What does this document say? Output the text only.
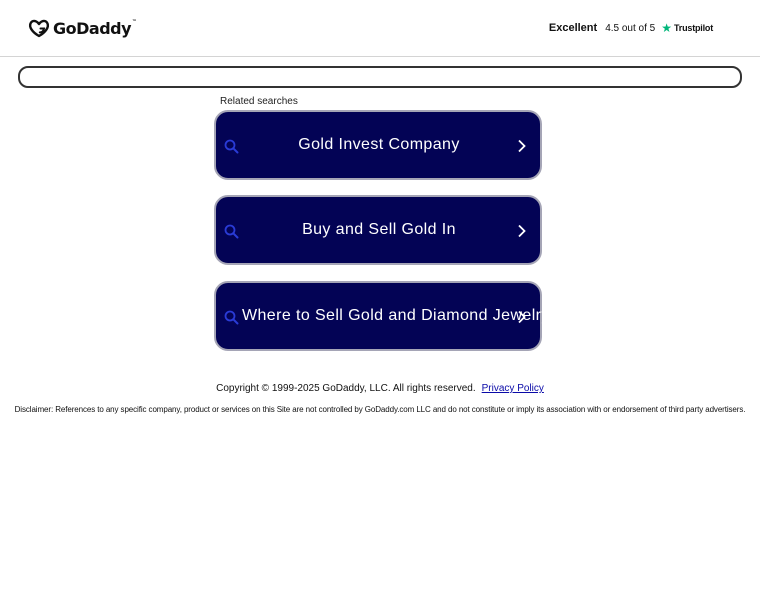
GoDaddy™
Excellent 4.5 out of 5 ★ Trustpilot
Related searches
Gold Invest Company
Buy and Sell Gold In
Where to Sell Gold and Diamond Jewelry
Copyright © 1999-2025 GoDaddy, LLC. All rights reserved. Privacy Policy
Disclaimer: References to any specific company, product or services on this Site are not controlled by GoDaddy.com LLC and do not constitute or imply its association with or endorsement of third party advertisers.
